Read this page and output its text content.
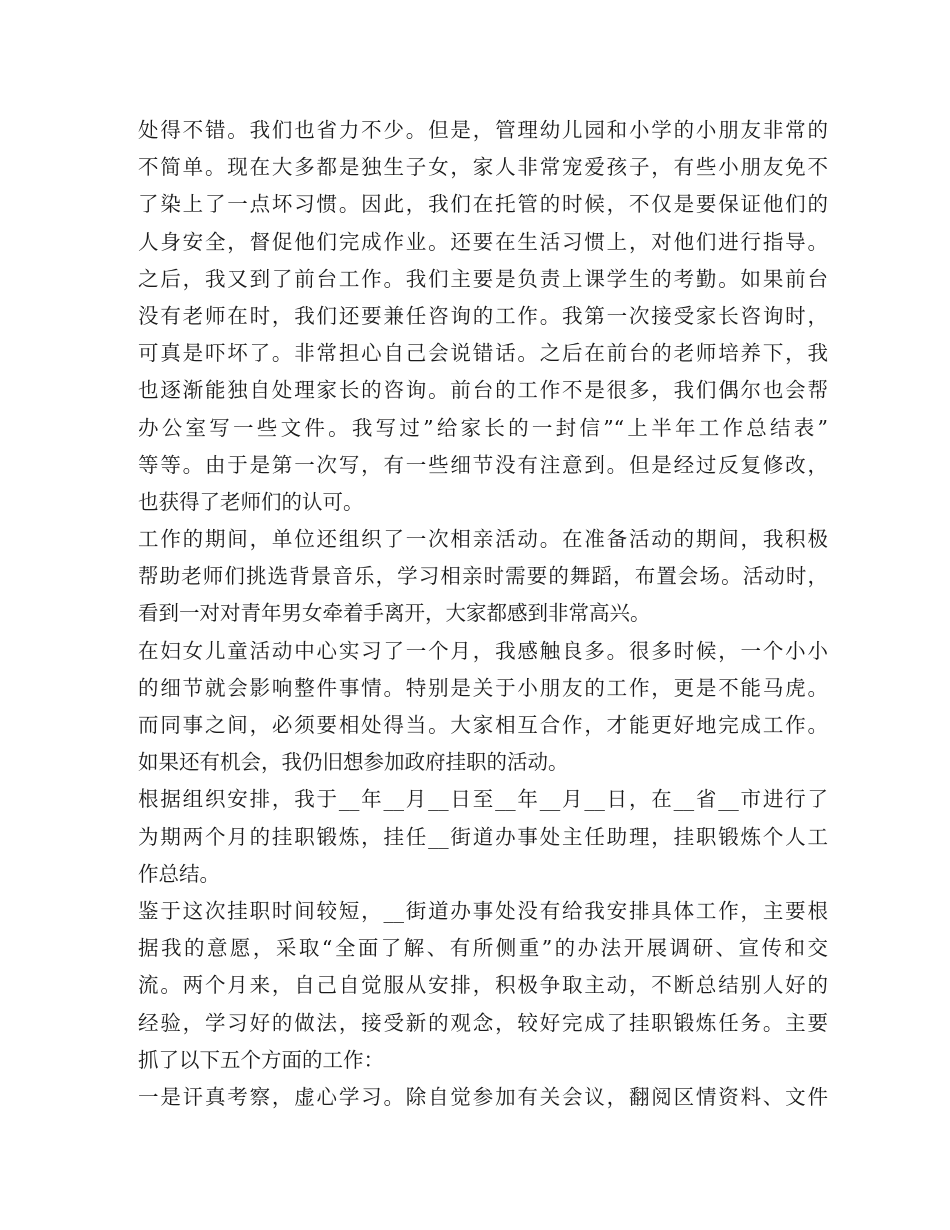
处得不错。我们也省力不少。但是，管理幼儿园和小学的小朋友非常的
不简单。现在大多都是独生子女，家人非常宠爱孩子，有些小朋友免不
了染上了一点坏习惯。因此，我们在托管的时候，不仅是要保证他们的
人身安全，督促他们完成作业。还要在生活习惯上，对他们进行指导。
之后，我又到了前台工作。我们主要是负责上课学生的考勤。如果前台
没有老师在时，我们还要兼任咨询的工作。我第一次接受家长咨询时，
可真是吓坏了。非常担心自己会说错话。之后在前台的老师培养下，我
也逐渐能独自处理家长的咨询。前台的工作不是很多，我们偶尔也会帮
办公室写一些文件。我写过”给家长的一封信”“上半年工作总结表”
等等。由于是第一次写，有一些细节没有注意到。但是经过反复修改，
也获得了老师们的认可。
工作的期间，单位还组织了一次相亲活动。在准备活动的期间，我积极
帮助老师们挑选背景音乐，学习相亲时需要的舞蹈，布置会场。活动时，
看到一对对青年男女牵着手离开，大家都感到非常高兴。
在妇女儿童活动中心实习了一个月，我感触良多。很多时候，一个小小
的细节就会影响整件事情。特别是关于小朋友的工作，更是不能马虎。
而同事之间，必须要相处得当。大家相互合作，才能更好地完成工作。
如果还有机会，我仍旧想参加政府挂职的活动。
根据组织安排，我于__年__月__日至__年__月__日，在__省__市进行了
为期两个月的挂职锻炼，挂任__街道办事处主任助理，挂职锻炼个人工
作总结。
鉴于这次挂职时间较短，__街道办事处没有给我安排具体工作，主要根
据我的意愿，采取“全面了解、有所侧重”的办法开展调研、宣传和交
流。两个月来，自己自觉服从安排，积极争取主动，不断总结别人好的
经验，学习好的做法，接受新的观念，较好完成了挂职锻炼任务。主要
抓了以下五个方面的工作：
一是讦真考察，虚心学习。除自觉参加有关会议，翻阅区情资料、文件
